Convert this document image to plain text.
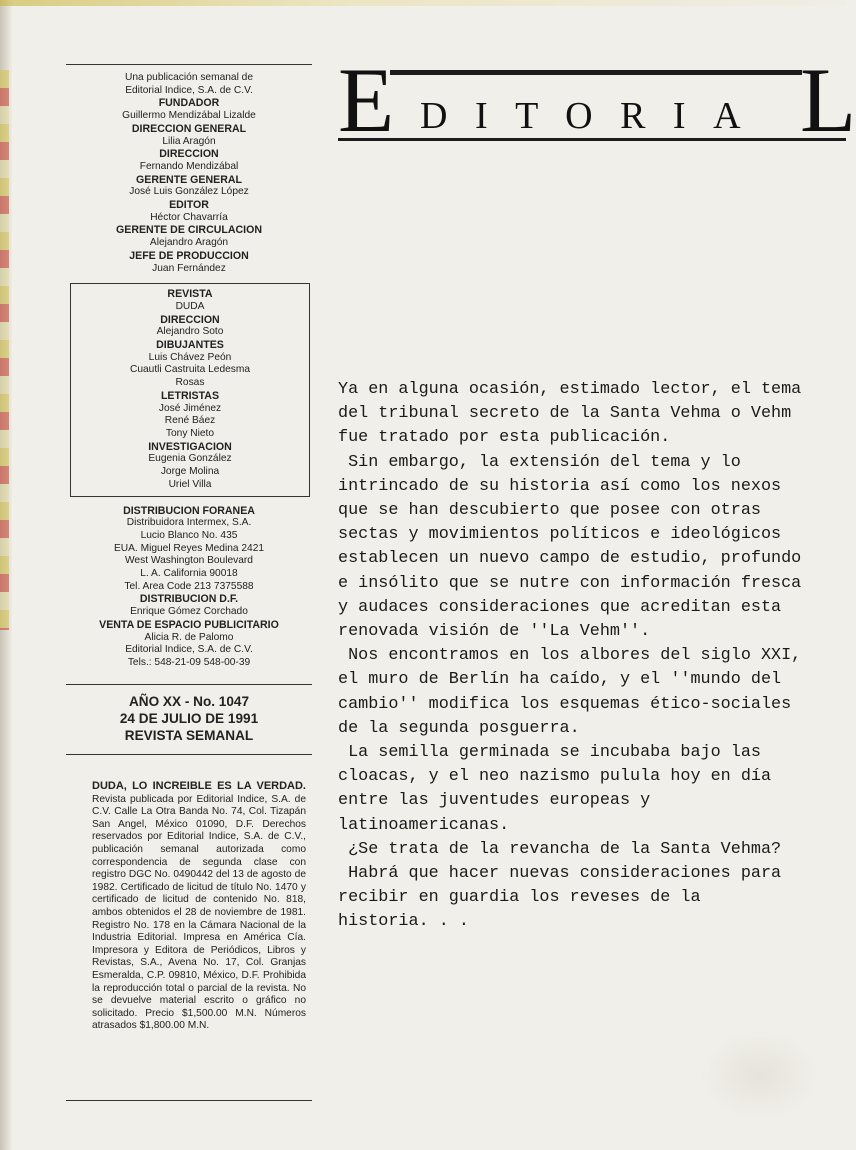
Una publicación semanal de
Editorial Indice, S.A. de C.V.
FUNDADOR
Guillermo Mendizábal Lizalde
DIRECCION GENERAL
Lilia Aragón
DIRECCION
Fernando Mendizábal
GERENTE GENERAL
José Luis González López
EDITOR
Héctor Chavarría
GERENTE DE CIRCULACION
Alejandro Aragón
JEFE DE PRODUCCION
Juan Fernández
REVISTA
DUDA
DIRECCION
Alejandro Soto
DIBUJANTES
Luis Chávez Peón
Cuautli Castruita Ledesma
Rosas
LETRISTAS
José Jiménez
René Báez
Tony Nieto
INVESTIGACION
Eugenia González
Jorge Molina
Uriel Villa
DISTRIBUCION FORANEA
Distribuidora Intermex, S.A.
Lucio Blanco No. 435
EUA. Miguel Reyes Medina 2421
West Washington Boulevard
L. A. California 90018
Tel. Area Code 213 7375588
DISTRIBUCION D.F.
Enrique Gómez Corchado
VENTA DE ESPACIO PUBLICITARIO
Alicia R. de Palomo
Editorial Indice, S.A. de C.V.
Tels.: 548-21-09 548-00-39
AÑO XX - No. 1047
24 DE JULIO DE 1991
REVISTA SEMANAL
DUDA, LO INCREIBLE ES LA VERDAD. Revista publicada por Editorial Indice, S.A. de C.V. Calle La Otra Banda No. 74, Col. Tizapán San Angel, México 01090, D.F. Derechos reservados por Editorial Indice, S.A. de C.V., publicación semanal autorizada como correspondencia de segunda clase con registro DGC No. 0490442 del 13 de agosto de 1982. Certificado de licitud de título No. 1470 y certificado de licitud de contenido No. 818, ambos obtenidos el 28 de noviembre de 1981. Registro No. 178 en la Cámara Nacional de la Industria Editorial. Impresa en América Cía. Impresora y Editora de Periódicos, Libros y Revistas, S.A., Avena No. 17, Col. Granjas Esmeralda, C.P. 09810, México, D.F. Prohibida la reproducción total o parcial de la revista. No se devuelve material escrito o gráfico no solicitado. Precio $1,500.00 M.N. Números atrasados $1,800.00 M.N.
E DITORIA L
Ya en alguna ocasión, estimado lector, el tema
del tribunal secreto de la Santa Vehma o Vehm
fue tratado por esta publicación.
Sin embargo, la extensión del tema y lo
intrincado de su historia así como los nexos
que se han descubierto que posee con otras
sectas y movimientos políticos e ideológicos
establecen un nuevo campo de estudio, profundo
e insólito que se nutre con información fresca
y audaces consideraciones que acreditan esta
renovada visión de ''La Vehm''.
Nos encontramos en los albores del siglo XXI,
el muro de Berlín ha caído, y el ''mundo del
cambio'' modifica los esquemas ético-sociales
de la segunda posguerra.
La semilla germinada se incubaba bajo las
cloacas, y el neo nazismo pulula hoy en día
entre las juventudes europeas y
latinoamericanas.
¿Se trata de la revancha de la Santa Vehma?
Habrá que hacer nuevas consideraciones para
recibir en guardia los reveses de la
historia. . .
